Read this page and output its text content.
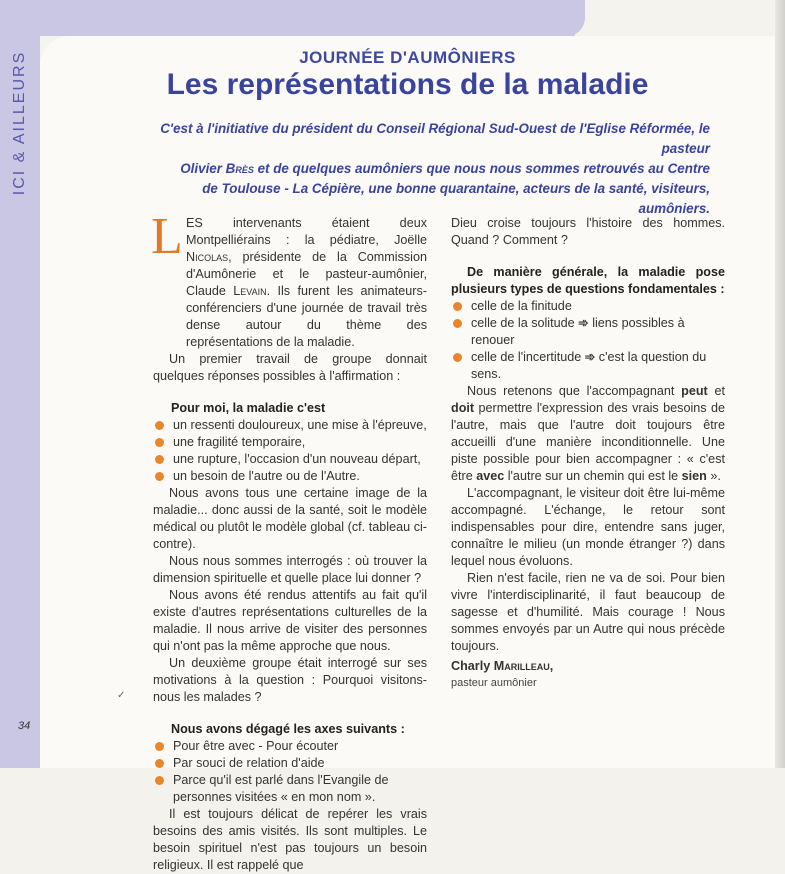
ICI & AILLEURS	JOURNÉE D'AUMÔNIERS
Les représentations de la maladie
C'est à l'initiative du président du Conseil Régional Sud-Ouest de l'Eglise Réformée, le pasteur
Olivier Brès et de quelques aumôniers que nous nous sommes retrouvés au Centre
de Toulouse - La Cépière, une bonne quarantaine, acteurs de la santé, visiteurs, aumôniers.

L ES intervenants étaient deux Montpelliérains : la pédiatre, Joëlle Nicolas, présidente de la Commission d'Aumônerie et le pasteur-aumônier, Claude Levain. Ils furent les animateurs-conférenciers d'une journée de travail très dense autour du thème des représentations de la maladie.

Un premier travail de groupe donnait quelques réponses possibles à l'affirmation :

Pour moi, la maladie c'est

un ressenti douloureux, une mise à l'épreuve,
une fragilité temporaire,
une rupture, l'occasion d'un nouveau départ,
un besoin de l'autre ou de l'Autre.

Nous avons tous une certaine image de la maladie... donc aussi de la santé, soit le modèle médical ou plutôt le modèle global (cf. tableau ci-contre).

Nous nous sommes interrogés : où trouver la dimension spirituelle et quelle place lui donner ?

Nous avons été rendus attentifs au fait qu'il existe d'autres représentations culturelles de la maladie. Il nous arrive de visiter des personnes qui n'ont pas la même approche que nous.

Un deuxième groupe était interrogé sur ses motivations à la question : Pourquoi visitons-nous les malades ?

Nous avons dégagé les axes suivants :

Pour être avec - Pour écouter
Par souci de relation d'aide
Parce qu'il est parlé dans l'Evangile de personnes visitées « en mon nom ».

Il est toujours délicat de repérer les vrais besoins des amis visités. Ils sont multiples. Le besoin spirituel n'est pas toujours un besoin religieux. Il est rappelé que

Dieu croise toujours l'histoire des hommes. Quand ? Comment ?

De manière générale, la maladie pose plusieurs types de questions fondamentales :

celle de la finitude
celle de la solitude ➾ liens possibles à renouer
celle de l'incertitude ➾ c'est la question du sens.

Nous retenons que l'accompagnant peut et doit permettre l'expression des vrais besoins de l'autre, mais que l'autre doit toujours être accueilli d'une manière inconditionnelle. Une piste possible pour bien accompagner : « c'est être avec l'autre sur un chemin qui est le sien ».

L'accompagnant, le visiteur doit être lui-même accompagné. L'échange, le retour sont indispensables pour dire, entendre sans juger, connaître le milieu (un monde étranger ?) dans lequel nous évoluons.

Rien n'est facile, rien ne va de soi. Pour bien vivre l'interdisciplinarité, il faut beaucoup de sagesse et d'humilité. Mais courage ! Nous sommes envoyés par un Autre qui nous précède toujours.

Charly Marilleau,

pasteur aumônier

34
✓
